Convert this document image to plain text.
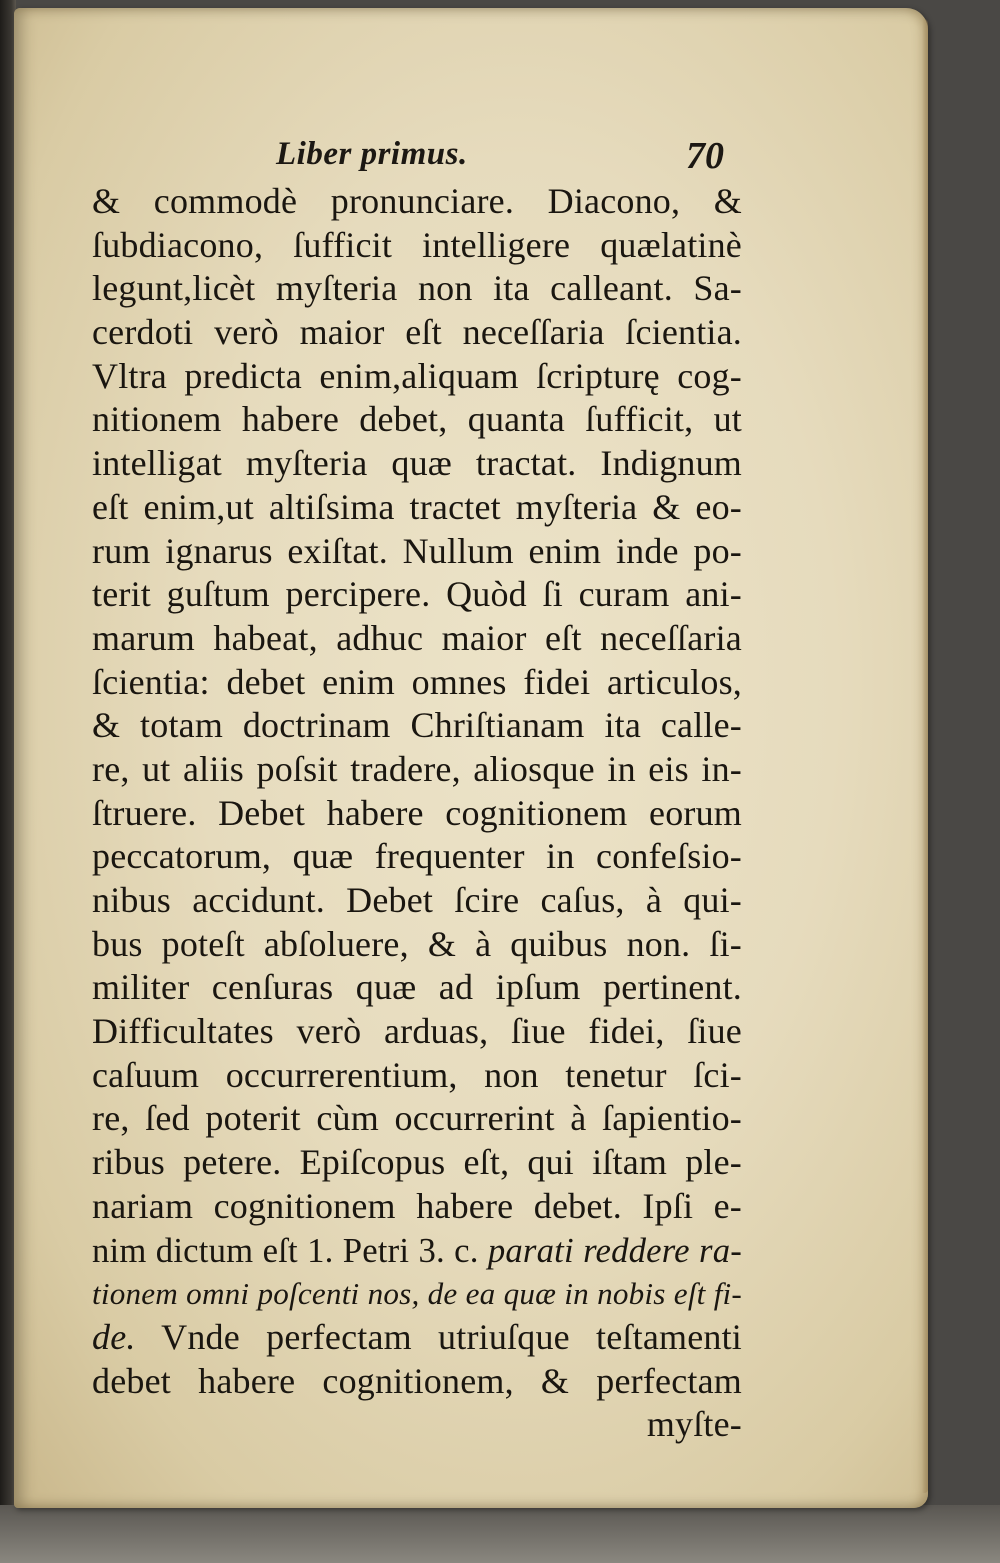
Liber primus.	70
& commodè pronunciare. Diacono, &
ſubdiacono, ſufficit intelligere quælatinè
legunt,licèt myſteria non ita calleant. Sa-
cerdoti verò maior eſt neceſſaria ſcientia.
Vltra predicta enim,aliquam ſcripturę cog-
nitionem habere debet, quanta ſufficit, ut
intelligat myſteria quæ tractat. Indignum
eſt enim,ut altiſsima tractet myſteria & eo-
rum ignarus exiſtat. Nullum enim inde po-
terit guſtum percipere. Quòd ſi curam ani-
marum habeat, adhuc maior eſt neceſſaria
ſcientia: debet enim omnes fidei articulos,
& totam doctrinam Chriſtianam ita calle-
re, ut aliis poſsit tradere, aliosque in eis in-
ſtruere. Debet habere cognitionem eorum
peccatorum, quæ frequenter in confeſsio-
nibus accidunt. Debet ſcire caſus, à qui-
bus poteſt abſoluere, & à quibus non. ſi-
militer cenſuras quæ ad ipſum pertinent.
Difficultates verò arduas, ſiue fidei, ſiue
caſuum occurrerentium, non tenetur ſci-
re, ſed poterit cùm occurrerint à ſapientio-
ribus petere. Epiſcopus eſt, qui iſtam ple-
nariam cognitionem habere debet. Ipſi e-
nim dictum eſt 1. Petri 3. c. parati reddere ra-
tionem omni poſcenti nos, de ea quæ in nobis eſt fi-
de. Vnde perfectam utriuſque teſtamenti
debet habere cognitionem, & perfectam
myſte-
